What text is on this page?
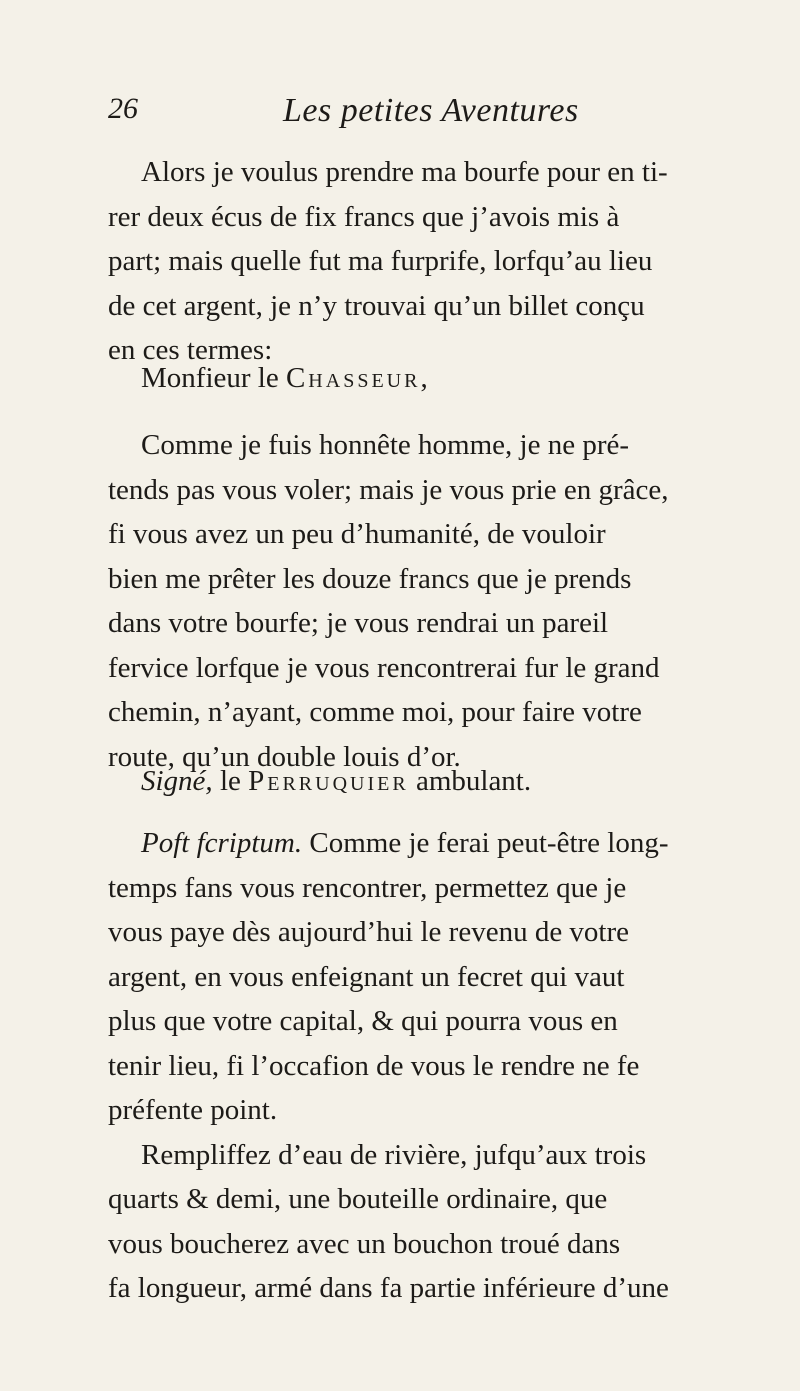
26	Les petites Aventures
Alors je voulus prendre ma bourfe pour en ti-
rer deux écus de fix francs que j’avois mis à
part; mais quelle fut ma furprife, lorfqu’au lieu
de cet argent, je n’y trouvai qu’un billet conçu
en ces termes:
Monfieur le Chasseur,
Comme je fuis honnête homme, je ne pré-
tends pas vous voler; mais je vous prie en grâce,
fi vous avez un peu d’humanité, de vouloir
bien me prêter les douze francs que je prends
dans votre bourfe; je vous rendrai un pareil
fervice lorfque je vous rencontrerai fur le grand
chemin, n’ayant, comme moi, pour faire votre
route, qu’un double louis d’or.
Signé, le Perruquier ambulant.
Poft fcriptum. Comme je ferai peut-être long-
temps fans vous rencontrer, permettez que je
vous paye dès aujourd’hui le revenu de votre
argent, en vous enfeignant un fecret qui vaut
plus que votre capital, & qui pourra vous en
tenir lieu, fi l’occafion de vous le rendre ne fe
préfente point.
Rempliffez d’eau de rivière, jufqu’aux trois
quarts & demi, une bouteille ordinaire, que
vous boucherez avec un bouchon troué dans
fa longueur, armé dans fa partie inférieure d’une
